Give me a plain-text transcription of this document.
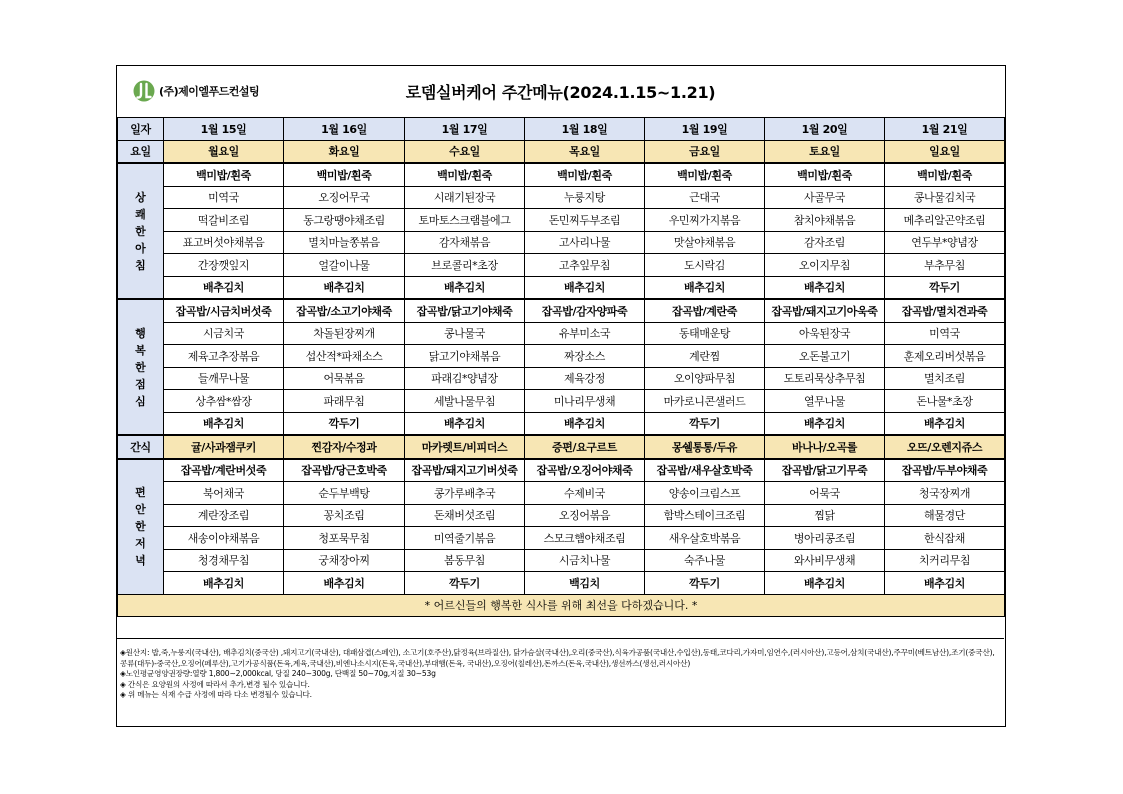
(주)제이엘푸드컨설팅	로뎀실버케어 주간메뉴(2024.1.15~1.21)
일자	1월 15일	1월 16일	1월 17일	1월 18일	1월 19일	1월 20일	1월 21일
요일	월요일	화요일	수요일	목요일	금요일	토요일	일요일
상
쾌
한
아
침	백미밥/흰죽	백미밥/흰죽	백미밥/흰죽	백미밥/흰죽	백미밥/흰죽	백미밥/흰죽	백미밥/흰죽
	미역국	오징어무국	시래기된장국	누룽지탕	근대국	사골무국	콩나물김치국
	떡갈비조림	동그랑땡야채조림	토마토스크램블에그	돈민찌두부조림	우민찌가지볶음	참치야채볶음	메추리알곤약조림
	표고버섯야채볶음	멸치마늘쫑볶음	감자채볶음	고사리나물	맛살야채볶음	감자조림	연두부*양념장
	간장깻잎지	얼갈이나물	브로콜리*초장	고추잎무침	도시락김	오이지무침	부추무침
	배추김치	배추김치	배추김치	배추김치	배추김치	배추김치	깍두기
행
복
한
점
심	잡곡밥/시금치버섯죽	잡곡밥/소고기야채죽	잡곡밥/닭고기야채죽	잡곡밥/감자양파죽	잡곡밥/계란죽	잡곡밥/돼지고기아욱죽	잡곡밥/멸치견과죽
	시금치국	차돌된장찌개	콩나물국	유부미소국	동태매운탕	아욱된장국	미역국
	제육고추장볶음	섭산적*파채소스	닭고기야채볶음	짜장소스	계란찜	오돈불고기	훈제오리버섯볶음
	들깨무나물	어묵볶음	파래김*양념장	제육강정	오이양파무침	도토리묵상추무침	멸치조림
	상추쌈*쌈장	파래무침	세발나물무침	미나리무생채	마카로니콘샐러드	열무나물	돈나물*초장
	배추김치	깍두기	배추김치	배추김치	깍두기	배추김치	배추김치
간식	귤/사과잼쿠키	찐감자/수정과	마카렛트/비피더스	증편/요구르트	몽쉘통통/두유	바나나/오곡롤	오뜨/오렌지쥬스
편
안
한
저
녁	잡곡밥/계란버섯죽	잡곡밥/당근호박죽	잡곡밥/돼지고기버섯죽	잡곡밥/오징어야채죽	잡곡밥/새우살호박죽	잡곡밥/닭고기무죽	잡곡밥/두부야채죽
	북어채국	순두부백탕	콩가루배추국	수제비국	양송이크림스프	어묵국	청국장찌개
	계란장조림	꽁치조림	돈채버섯조림	오징어볶음	함박스테이크조림	찜닭	해물경단
	새송이야채볶음	청포묵무침	미역줄기볶음	스모크햄야채조림	새우살호박볶음	병아리콩조림	한식잡채
	청경채무침	궁채장아찌	봄동무침	시금치나물	숙주나물	와사비무생채	치커리무침
	배추김치	배추김치	깍두기	백김치	깍두기	배추김치	배추김치
* 어르신들의 행복한 식사를 위해 최선을 다하겠습니다. *							
◈원산지: 밥,죽,누룽지(국내산), 배추김치(중국산) ,돼지고기(국내산), 대패삼겹(스페인), 소고기(호주산),닭정육(브라질산), 닭가슴살(국내산),오리(중국산),식육가공품(국내산,수입산),동태,코다리,가자미,임연수,(러시아산),고등어,삼치(국내산),주꾸미(베트남산),조기(중국산),콩류(대두)-중국산,오징어(페루산),고기가공식품(돈육,계육,국내산),비엔나소시지(돈육,국내산),부대햄(돈육, 국내산),오징어(칠레산),돈까스(돈육,국내산),생선까스(생선,러시아산)
◈노인평균영양권장량:열량 1,800~2,000kcal, 당질 240~300g, 단백질 50~70g,지질 30~53g
◈ 간식은 요양원의 사정에 따라서 추가,변경 될수 있습니다.
◈ 위 메뉴는 식재 수급 사정에 따라 다소 변경될수 있습니다.
